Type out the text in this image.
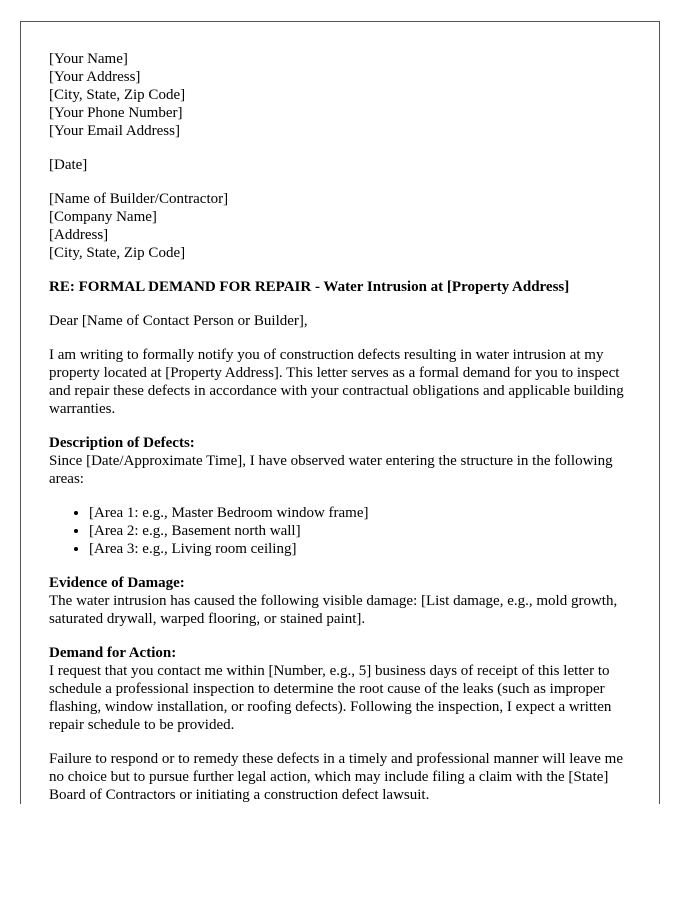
[Your Name]
[Your Address]
[City, State, Zip Code]
[Your Phone Number]
[Your Email Address]
[Date]
[Name of Builder/Contractor]
[Company Name]
[Address]
[City, State, Zip Code]

RE: FORMAL DEMAND FOR REPAIR - Water Intrusion at [Property Address]

Dear [Name of Contact Person or Builder],

I am writing to formally notify you of construction defects resulting in water intrusion at my property located at [Property Address]. This letter serves as a formal demand for you to inspect and repair these defects in accordance with your contractual obligations and applicable building warranties.

Description of Defects:

Since [Date/Approximate Time], I have observed water entering the structure in the following areas:

• [Area 1: e.g., Master Bedroom window frame]
• [Area 2: e.g., Basement north wall]
• [Area 3: e.g., Living room ceiling]
Evidence of Damage:

The water intrusion has caused the following visible damage: [List damage, e.g., mold growth, saturated drywall, warped flooring, or stained paint].

Demand for Action:

I request that you contact me within [Number, e.g., 5] business days of receipt of this letter to schedule a professional inspection to determine the root cause of the leaks (such as improper flashing, window installation, or roofing defects). Following the inspection, I expect a written repair schedule to be provided.

Failure to respond or to remedy these defects in a timely and professional manner will leave me no choice but to pursue further legal action, which may include filing a claim with the [State] Board of Contractors or initiating a construction defect lawsuit.
